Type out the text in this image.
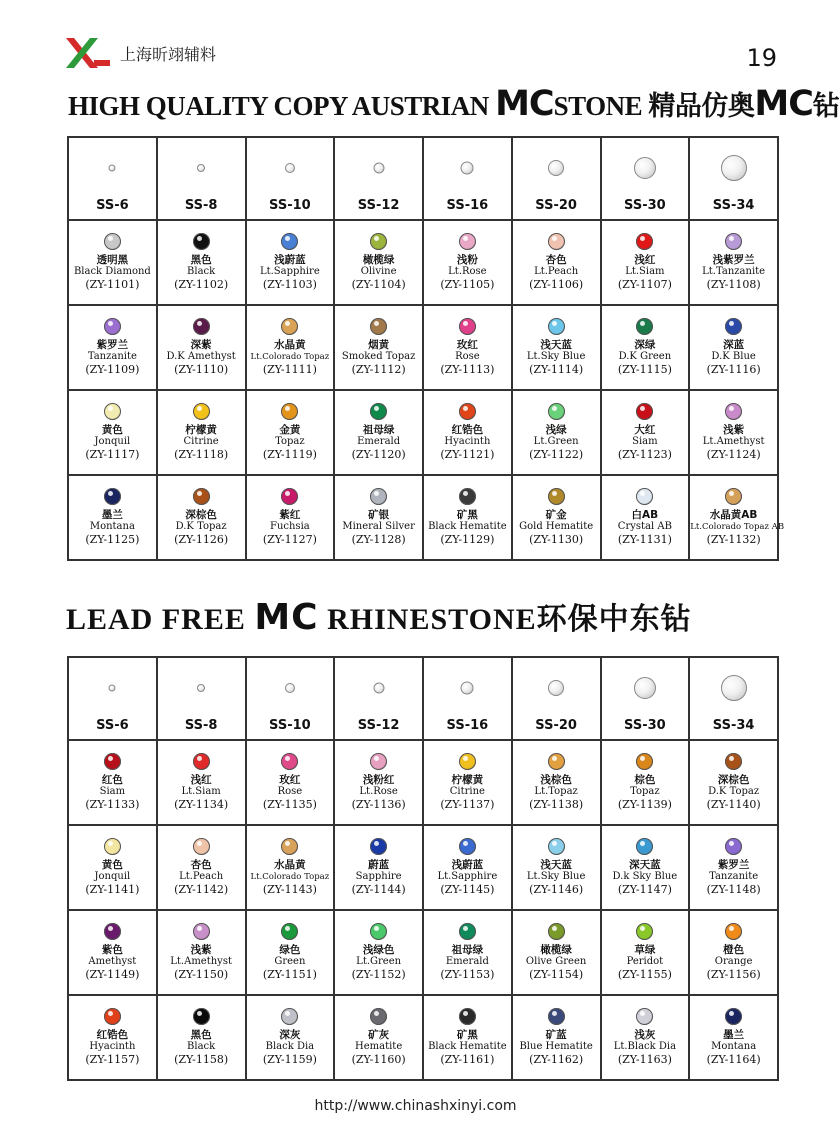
上海昕翊辅料	19
HIGH QUALITY COPY AUSTRIAN MCSTONE 精品仿奥MC钻
SS-6	SS-8	SS-10	SS-12	SS-16	SS-20	SS-30	SS-34

透明黑
Black Diamond
(ZY-1101)	黑色
Black
(ZY-1102)	浅蔚蓝
Lt.Sapphire
(ZY-1103)	橄榄绿
Olivine
(ZY-1104)	浅粉
Lt.Rose
(ZY-1105)	杏色
Lt.Peach
(ZY-1106)	浅红
Lt.Siam
(ZY-1107)	浅紫罗兰
Lt.Tanzanite
(ZY-1108)

紫罗兰
Tanzanite
(ZY-1109)	深紫
D.K Amethyst
(ZY-1110)	水晶黄
Lt.Colorado Topaz
(ZY-1111)	烟黄
Smoked Topaz
(ZY-1112)	玫红
Rose
(ZY-1113)	浅天蓝
Lt.Sky Blue
(ZY-1114)	深绿
D.K Green
(ZY-1115)	深蓝
D.K Blue
(ZY-1116)

黄色
Jonquil
(ZY-1117)	柠檬黄
Citrine
(ZY-1118)	金黄
Topaz
(ZY-1119)	祖母绿
Emerald
(ZY-1120)	红锆色
Hyacinth
(ZY-1121)	浅绿
Lt.Green
(ZY-1122)	大红
Siam
(ZY-1123)	浅紫
Lt.Amethyst
(ZY-1124)

墨兰
Montana
(ZY-1125)	深棕色
D.K Topaz
(ZY-1126)	紫红
Fuchsia
(ZY-1127)	矿银
Mineral Silver
(ZY-1128)	矿黑
Black Hematite
(ZY-1129)	矿金
Gold Hematite
(ZY-1130)	白AB
Crystal AB
(ZY-1131)	水晶黄AB
Lt.Colorado Topaz AB
(ZY-1132)
LEAD FREE MC RHINESTONE环保中东钻
SS-6	SS-8	SS-10	SS-12	SS-16	SS-20	SS-30	SS-34

红色
Siam
(ZY-1133)	浅红
Lt.Siam
(ZY-1134)	玫红
Rose
(ZY-1135)	浅粉红
Lt.Rose
(ZY-1136)	柠檬黄
Citrine
(ZY-1137)	浅棕色
Lt.Topaz
(ZY-1138)	棕色
Topaz
(ZY-1139)	深棕色
D.K Topaz
(ZY-1140)

黄色
Jonquil
(ZY-1141)	杏色
Lt.Peach
(ZY-1142)	水晶黄
Lt.Colorado Topaz
(ZY-1143)	蔚蓝
Sapphire
(ZY-1144)	浅蔚蓝
Lt.Sapphire
(ZY-1145)	浅天蓝
Lt.Sky Blue
(ZY-1146)	深天蓝
D.k Sky Blue
(ZY-1147)	紫罗兰
Tanzanite
(ZY-1148)

紫色
Amethyst
(ZY-1149)	浅紫
Lt.Amethyst
(ZY-1150)	绿色
Green
(ZY-1151)	浅绿色
Lt.Green
(ZY-1152)	祖母绿
Emerald
(ZY-1153)	橄榄绿
Olive Green
(ZY-1154)	草绿
Peridot
(ZY-1155)	橙色
Orange
(ZY-1156)

红锆色
Hyacinth
(ZY-1157)	黑色
Black
(ZY-1158)	深灰
Black Dia
(ZY-1159)	矿灰
Hematite
(ZY-1160)	矿黑
Black Hematite
(ZY-1161)	矿蓝
Blue Hematite
(ZY-1162)	浅灰
Lt.Black Dia
(ZY-1163)	墨兰
Montana
(ZY-1164)
http://www.chinashxinyi.com
